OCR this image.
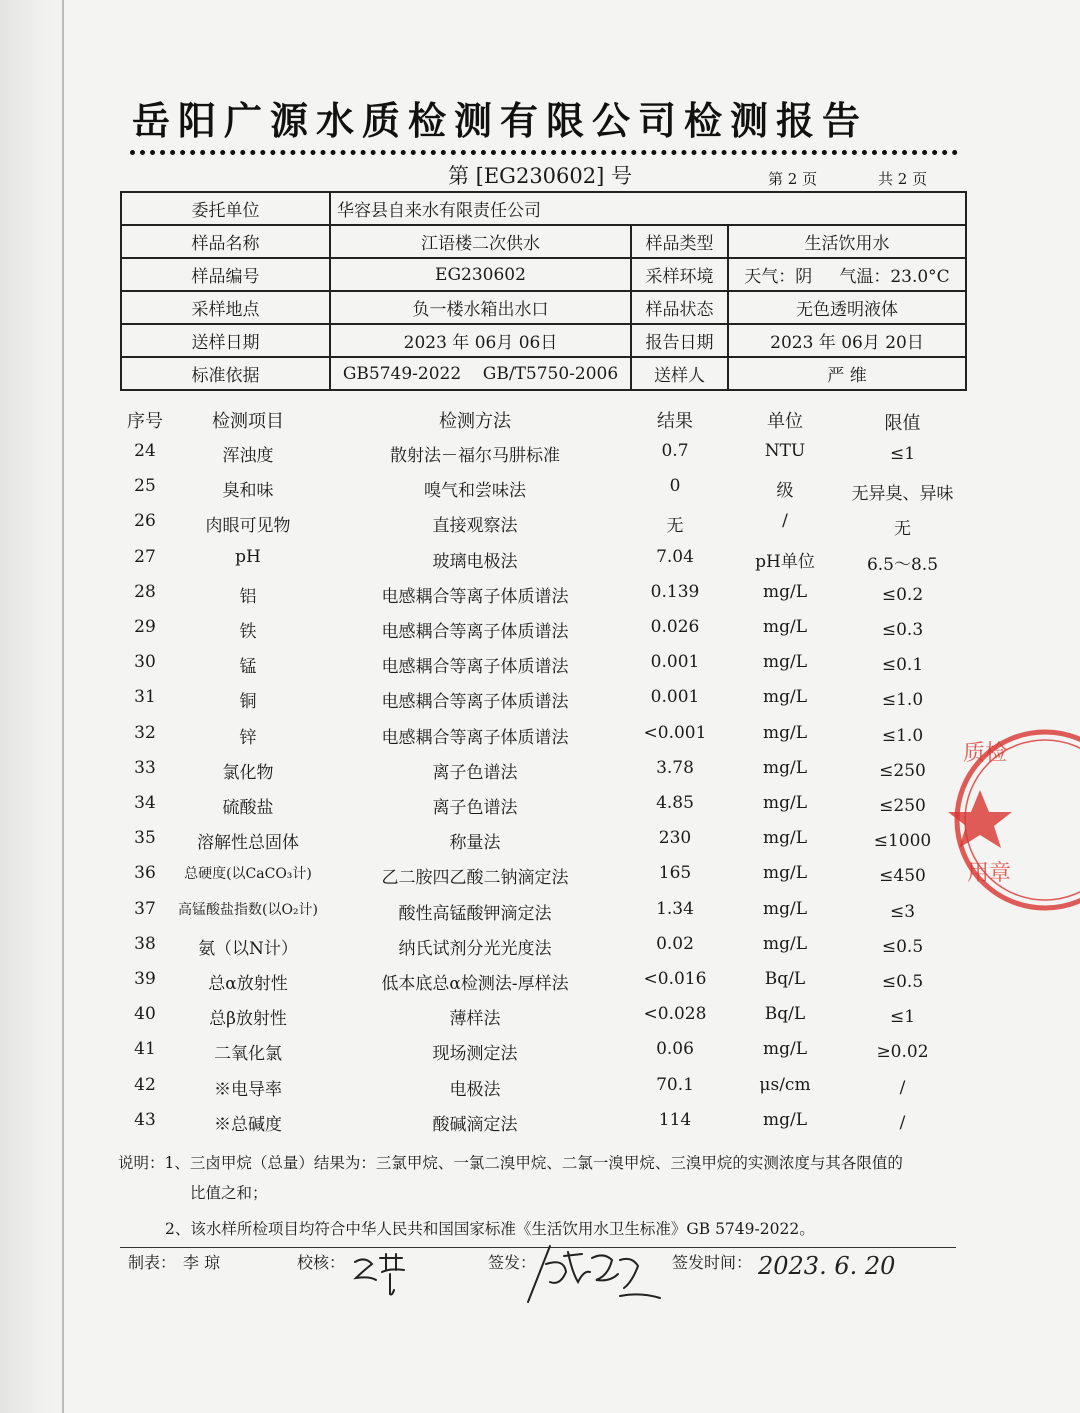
岳阳广源水质检测有限公司检测报告
第 [EG230602] 号	第 2 页	共 2 页
委托单位	华容县自来水有限责任公司		
样品名称	江语楼二次供水	样品类型	生活饮用水
样品编号	EG230602	采样环境	天气：阴     气温：23.0°C
采样地点	负一楼水箱出水口	样品状态	无色透明液体
送样日期	2023 年 06月 06日	报告日期	2023 年 06月 20日
标准依据	GB5749-2022    GB/T5750-2006	送样人	严 维
序号	检测项目	检测方法	结果	单位	限值
24	浑浊度	散射法－福尔马肼标准	0.7	NTU	≤1
25	臭和味	嗅气和尝味法	0	级	无异臭、异味
26	肉眼可见物	直接观察法	无	/	无
27	pH	玻璃电极法	7.04	pH单位	6.5～8.5
28	铝	电感耦合等离子体质谱法	0.139	mg/L	≤0.2
29	铁	电感耦合等离子体质谱法	0.026	mg/L	≤0.3
30	锰	电感耦合等离子体质谱法	0.001	mg/L	≤0.1
31	铜	电感耦合等离子体质谱法	0.001	mg/L	≤1.0
32	锌	电感耦合等离子体质谱法	<0.001	mg/L	≤1.0
33	氯化物	离子色谱法	3.78	mg/L	≤250
34	硫酸盐	离子色谱法	4.85	mg/L	≤250
35	溶解性总固体	称量法	230	mg/L	≤1000
36	总硬度(以CaCO₃计)	乙二胺四乙酸二钠滴定法	165	mg/L	≤450
37	高锰酸盐指数(以O₂计)	酸性高锰酸钾滴定法	1.34	mg/L	≤3
38	氨（以N计）	纳氏试剂分光光度法	0.02	mg/L	≤0.5
39	总α放射性	低本底总α检测法-厚样法	<0.016	Bq/L	≤0.5
40	总β放射性	薄样法	<0.028	Bq/L	≤1
41	二氧化氯	现场测定法	0.06	mg/L	≥0.02
42	※电导率	电极法	70.1	μs/cm	/
43	※总碱度	酸碱滴定法	114	mg/L	/
说明：1、三卤甲烷（总量）结果为：三氯甲烷、一氯二溴甲烷、二氯一溴甲烷、三溴甲烷的实测浓度与其各限值的
比值之和；
2、该水样所检项目均符合中华人民共和国国家标准《生活饮用水卫生标准》GB 5749-2022。
制表： 李 琼	校核：	签发：	签发时间： 2023. 6. 20
质检
用章
